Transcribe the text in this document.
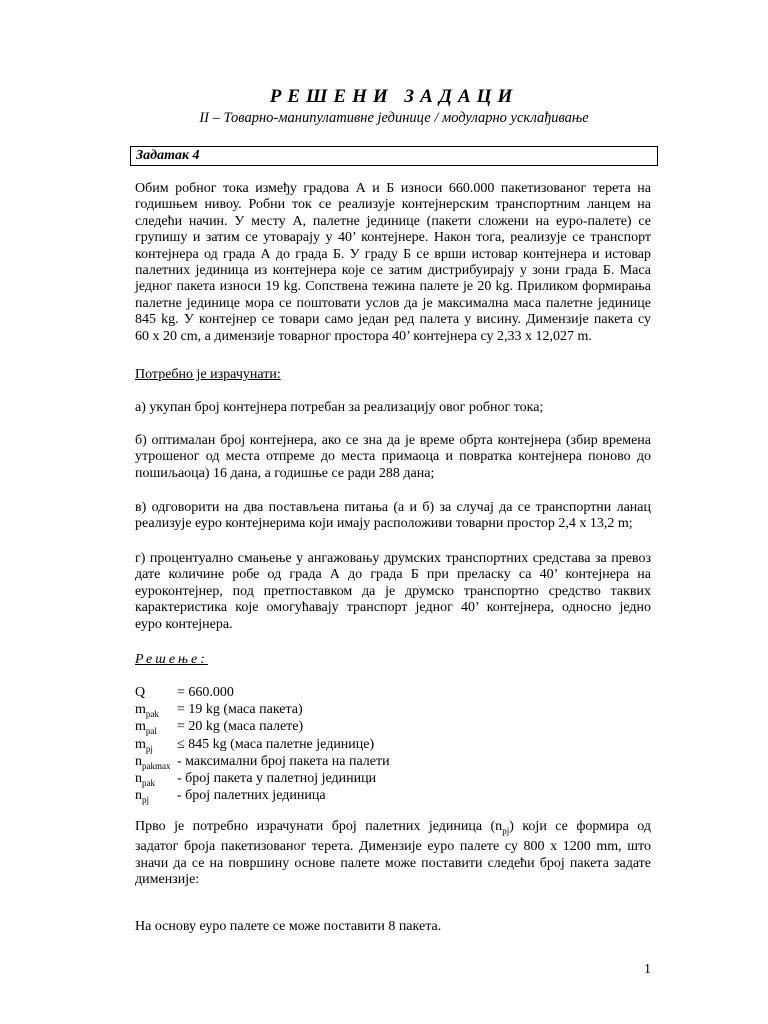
РЕШЕНИ ЗАДАЦИ
II – Товарно-манипулативне јединице / модуларно усклађивање
Задатак 4

Обим робног тока између градова А и Б износи 660.000 пакетизованог терета на
годишњем нивоу. Робни ток се реализује контејнерским транспортним ланцем на
следећи начин. У месту А, палетне јединице (пакети сложени на еуро-палете) се
групишу и затим се утоварају у 40’ контејнере. Након тога, реализује се транспорт
контејнера од града А до града Б. У граду Б се врши истовар контејнера и истовар
палетних јединица из контејнера које се затим дистрибуирају у зони града Б. Маса
једног пакета износи 19 kg. Сопствена тежина палете је 20 kg. Приликом формирања
палетне јединице мора се поштовати услов да је максимална маса палетне јединице
845 kg. У контејнер се товари само један ред палета у висину. Димензије пакета су
60 x 20 cm, а димензије товарног простора 40’ контејнера су 2,33 x 12,027 m.

Потребно је израчунати:

а) укупан број контејнера потребан за реализацију овог робног тока;

б) оптималан број контејнера, ако се зна да је време обрта контејнера (збир времена
утрошеног од места отпреме до места примаоца и повратка контејнера поново до
пошиљаоца) 16 дана, а годишње се ради 288 дана;

в) одговорити на два постављена питања (а и б) за случај да се транспортни ланац
реализује еуро контејнерима који имају расположиви товарни простор 2,4 x 13,2 m;

г) процентуално смањење у ангажовању друмских транспортних средстава за превоз
дате количине робе од града А до града Б при преласку са 40’ контејнера на
еуроконтејнер, под претпоставком да је друмско транспортно средство таквих
карактеристика које омогућавају транспорт једног 40’ контејнера, односно једно
еуро контејнера.

Решење:
Q	= 660.000
$m_{pak}$	= 19 kg (маса пакета)
$m_{pal}$	= 20 kg (маса палете)
$m_{pj}$	≤ 845 kg (маса палетне јединице)
$n_{pakmax}$ - максимални број пакета на палети
$n_{pak}$	- број пакета у палетној јединици
$n_{pj}$	- број палетних јединица

Прво је потребно израчунати број палетних јединица $(n_{pj})$ који се формира од
задатог броја пакетизованог терета. Димензије еуро палете су 800 x 1200 mm, што
значи да се на површину основе палете може поставити следећи број пакета задате
димензије:

На основу еуро палете се може поставити 8 пакета.

1
